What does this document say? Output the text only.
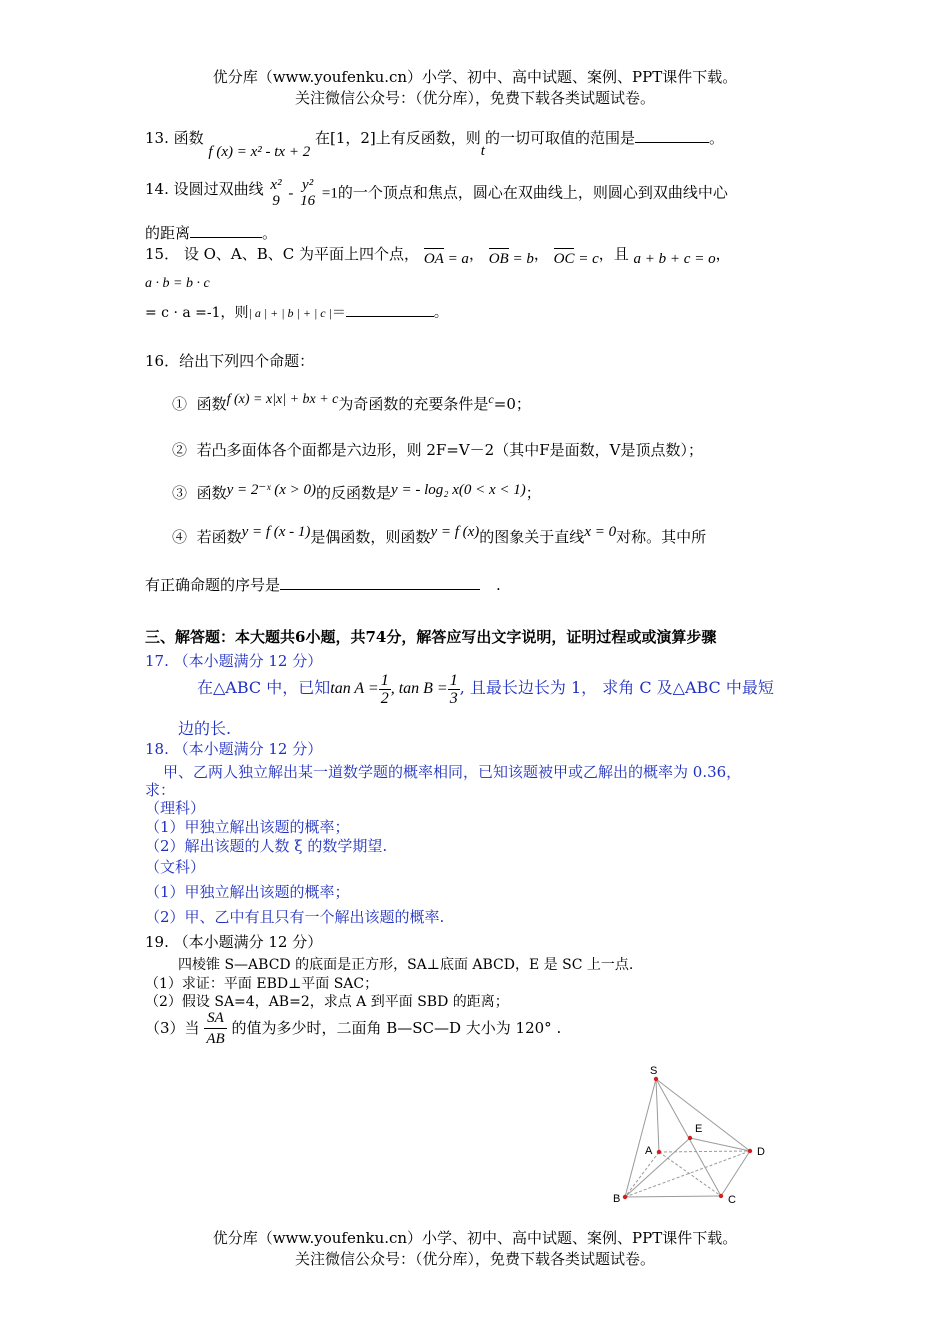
优分库（www.youfenku.cn）小学、初中、高中试题、案例、PPT课件下载。
关注微信公众号：（优分库），免费下载各类试题试卷。
13. 函数 f (x) = x² - tx + 2 在[1，2]上有反函数，则t的一切可取值的范围是	。
14. 设圆过双曲线 x²
9 -
y²
16 =1的一个顶点和焦点，圆心在双曲线上，则圆心到双曲线中心
的距离	。
15． 设 O、A、B、C 为平面上四个点， OA = a， OB = b， OC = c，且 a + b + c = o，
a · b = b · c
= c · a =-1，则| a | + | b | + | c |＝	。
16．给出下列四个命题：
① 函数f (x) = x|x| + bx + c为奇函数的充要条件是$^c$=0；
② 若凸多面体各个面都是六边形，则 2F=V－2（其中F是面数，V是顶点数）；
③ 函数y = 2⁻ˣ (x > 0)的反函数是y = - log₂ x(0 < x < 1)；
④ 若函数y = f (x - 1)是偶函数，则函数y = f (x)的图象关于直线x = 0对称。其中所
有正确命题的序号是	.
三、解答题：本大题共6小题，共74分，解答应写出文字说明，证明过程或或演算步骤
17. （本小题满分 12 分）
在△ABC 中，已知$\tan A = \frac{1}{2}$ , $\tan B = \frac{1}{3}$ , 且最长边长为 1， 求角 C 及△ABC 中最短
边的长.
18. （本小题满分 12 分）
甲、乙两人独立解出某一道数学题的概率相同，已知该题被甲或乙解出的概率为 0.36，
求：
（理科）
（1）甲独立解出该题的概率；
（2）解出该题的人数 ξ 的数学期望.
（文科）
（1）甲独立解出该题的概率；
（2）甲、乙中有且只有一个解出该题的概率.
19. （本小题满分 12 分）
四棱锥 S—ABCD 的底面是正方形，SA⊥底面 ABCD，E 是 SC 上一点.
（1）求证：平面 EBD⊥平面 SAC；
（2）假设 SA=4，AB=2，求点 A 到平面 SBD 的距离；
（3）当 $\frac{SA}{AB}$ 的值为多少时，二面角 B—SC—D 大小为 120° .
S
E
A	D
B	C
优分库（www.youfenku.cn）小学、初中、高中试题、案例、PPT课件下载。
关注微信公众号：（优分库），免费下载各类试题试卷。
